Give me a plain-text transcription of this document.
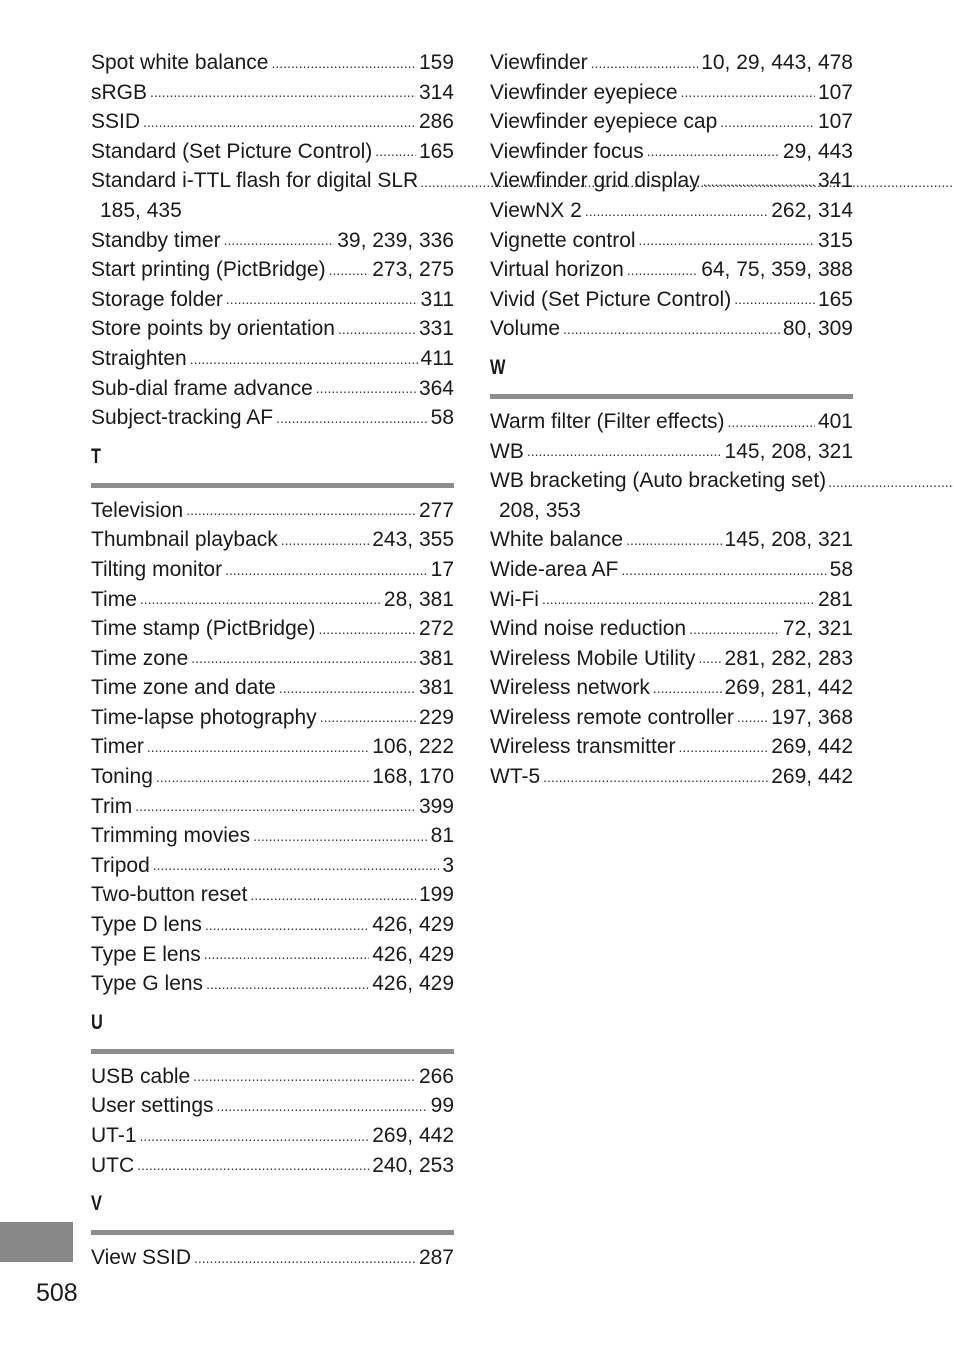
Spot white balance .....	159
sRGB .....	314
SSID .....	286
Standard (Set Picture Control) ..... 165
Standard i-TTL flash for digital SLR .... .....
185, 435
Standby timer .....	39, 239, 336
Start printing (PictBridge) ..... 273, 275
Storage folder .....	311
Store points by orientation .....	331
Straighten .....	411
Sub-dial frame advance .....	364
Subject-tracking AF .....	58
T
Television .....	277
Thumbnail playback .....	243, 355
Tilting monitor .....	17
Time .....	28, 381
Time stamp (PictBridge) .....	272
Time zone .....	381
Time zone and date .....	381
Time-lapse photography .....	229
Timer .....	106, 222
Toning .....	168, 170
Trim .....	399
Trimming movies .....	81
Tripod .....	3
Two-button reset .....	199
Type D lens .....	426, 429
Type E lens .....	426, 429
Type G lens .....	426, 429
U
USB cable .....	266
User settings .....	99
UT-1 .....	269, 442
UTC .....	240, 253
V
View SSID .....	287
Viewfinder .....	10, 29, 443, 478
Viewfinder eyepiece .....	107
Viewfinder eyepiece cap .....	107
Viewfinder focus .....	29, 443
Viewfinder grid display .....	341
ViewNX 2 .....	262, 314
Vignette control .....	315
Virtual horizon .....	64, 75, 359, 388
Vivid (Set Picture Control) .....	165
Volume .....	80, 309
W
Warm filter (Filter effects) .....	401
WB .....	145, 208, 321
WB bracketing (Auto bracketing set) .... .....
208, 353
White balance .....	145, 208, 321
Wide-area AF .....	58
Wi-Fi .....	281
Wind noise reduction .....	72, 321
Wireless Mobile Utility ..... 281, 282, 283
Wireless network .....	269, 281, 442
Wireless remote controller ..... 197, 368
Wireless transmitter .....	269, 442
WT-5 .....	269, 442
508
